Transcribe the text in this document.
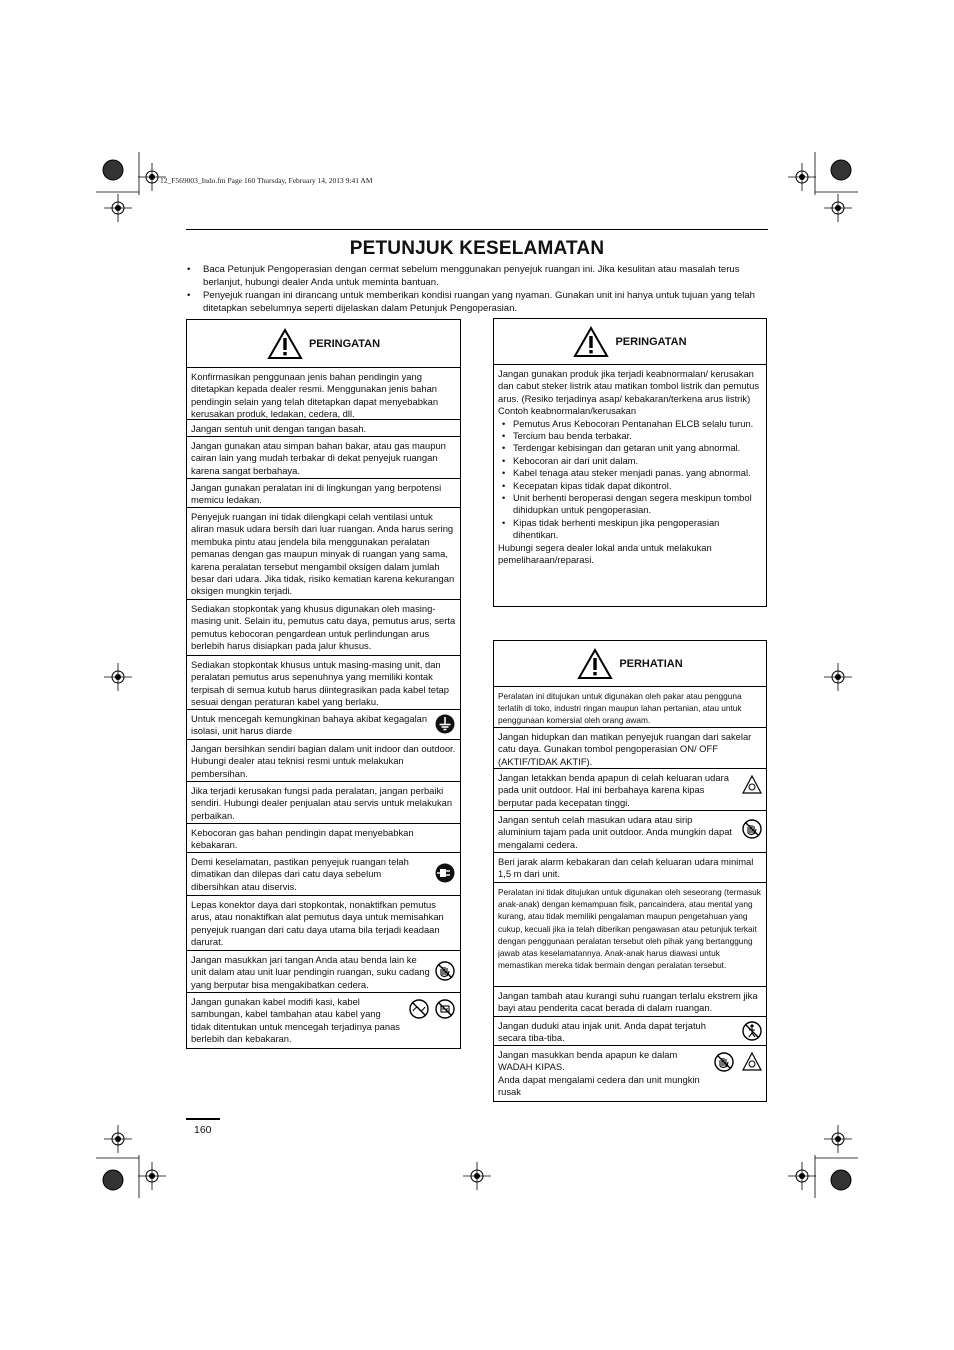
12_F569003_Indo.fm Page 160 Thursday, February 14, 2013 9:41 AM
PETUNJUK KESELAMATAN
• Baca Petunjuk Pengoperasian dengan cermat sebelum menggunakan penyejuk ruangan ini. Jika kesulitan atau masalah terus berlanjut, hubungi dealer Anda untuk meminta bantuan.
• Penyejuk ruangan ini dirancang untuk memberikan kondisi ruangan yang nyaman. Gunakan unit ini hanya untuk tujuan yang telah ditetapkan sebelumnya seperti dijelaskan dalam Petunjuk Pengoperasian.
PERINGATAN
Konfirmasikan penggunaan jenis bahan pendingin yang ditetapkan kepada dealer resmi. Menggunakan jenis bahan pendingin selain yang telah ditetapkan dapat menyebabkan kerusakan produk, ledakan, cedera, dll.
Jangan sentuh unit dengan tangan basah.
Jangan gunakan atau simpan bahan bakar, atau gas maupun cairan lain yang mudah terbakar di dekat penyejuk ruangan karena sangat berbahaya.
Jangan gunakan peralatan ini di lingkungan yang berpotensi memicu ledakan.
Penyejuk ruangan ini tidak dilengkapi celah ventilasi untuk aliran masuk udara bersih dari luar ruangan. Anda harus sering membuka pintu atau jendela bila menggunakan peralatan pemanas dengan gas maupun minyak di ruangan yang sama, karena peralatan tersebut mengambil oksigen dalam jumlah besar dari udara. Jika tidak, risiko kematian karena kekurangan oksigen mungkin terjadi.
Sediakan stopkontak yang khusus digunakan oleh masing-masing unit. Selain itu, pemutus catu daya, pemutus arus, serta pemutus kebocoran pengardean untuk perlindungan arus berlebih harus disiapkan pada jalur khusus.
Sediakan stopkontak khusus untuk masing-masing unit, dan peralatan pemutus arus sepenuhnya yang memiliki kontak terpisah di semua kutub harus diintegrasikan pada kabel tetap sesuai dengan peraturan kabel yang berlaku.
Untuk mencegah kemungkinan bahaya akibat kegagalan isolasi, unit harus diarde
Jangan bersihkan sendiri bagian dalam unit indoor dan outdoor. Hubungi dealer atau teknisi resmi untuk melakukan pembersihan.
Jika terjadi kerusakan fungsi pada peralatan, jangan perbaiki sendiri. Hubungi dealer penjualan atau servis untuk melakukan perbaikan.
Kebocoran gas bahan pendingin dapat menyebabkan kebakaran.
Demi keselamatan, pastikan penyejuk ruangan telah dimatikan dan dilepas dari catu daya sebelum dibersihkan atau diservis.
Lepas konektor daya dari stopkontak, nonaktifkan pemutus arus, atau nonaktifkan alat pemutus daya untuk memisahkan penyejuk ruangan dari catu daya utama bila terjadi keadaan darurat.
Jangan masukkan jari tangan Anda atau benda lain ke unit dalam atau unit luar pendingin ruangan, suku cadang yang berputar bisa mengakibatkan cedera.
Jangan gunakan kabel modifi kasi, kabel sambungan, kabel tambahan atau kabel yang tidak ditentukan untuk mencegah terjadinya panas berlebih dan kebakaran.
PERINGATAN
Jangan gunakan produk jika terjadi keabnormalan/ kerusakan dan cabut steker listrik atau matikan tombol listrik dan pemutus arus. (Resiko terjadinya asap/ kebakaran/terkena arus listrik)
Contoh keabnormalan/kerusakan
• Pemutus Arus Kebocoran Pentanahan ELCB selalu turun.
• Tercium bau benda terbakar.
• Terdengar kebisingan dan getaran unit yang abnormal.
• Kebocoran air dari unit dalam.
• Kabel tenaga atau steker menjadi panas. yang abnormal.
• Kecepatan kipas tidak dapat dikontrol.
• Unit berhenti beroperasi dengan segera meskipun tombol dihidupkan untuk pengoperasian.
• Kipas tidak berhenti meskipun jika pengoperasian dihentikan.
Hubungi segera dealer lokal anda untuk melakukan pemeliharaan/reparasi.
PERHATIAN
Peralatan ini ditujukan untuk digunakan oleh pakar atau pengguna terlatih di toko, industri ringan maupun lahan pertanian, atau untuk penggunaan komersial oleh orang awam.
Jangan hidupkan dan matikan penyejuk ruangan dari sakelar catu daya. Gunakan tombol pengoperasian ON/ OFF (AKTIF/TIDAK AKTIF).
Jangan letakkan benda apapun di celah keluaran udara pada unit outdoor. Hal ini berbahaya karena kipas berputar pada kecepatan tinggi.
Jangan sentuh celah masukan udara atau sirip aluminium tajam pada unit outdoor. Anda mungkin dapat mengalami cedera.
Beri jarak alarm kebakaran dan celah keluaran udara minimal 1,5 m dari unit.
Peralatan ini tidak ditujukan untuk digunakan oleh seseorang (termasuk anak-anak) dengan kemampuan fisik, pancaindera, atau mental yang kurang, atau tidak memiliki pengalaman maupun pengetahuan yang cukup, kecuali jika ia telah diberikan pengawasan atau petunjuk terkait dengan penggunaan peralatan tersebut oleh pihak yang bertanggung jawab atas keselamatannya. Anak-anak harus diawasi untuk memastikan mereka tidak bermain dengan peralatan tersebut.
Jangan tambah atau kurangi suhu ruangan terlalu ekstrem jika bayi atau penderita cacat berada di dalam ruangan.
Jangan duduki atau injak unit. Anda dapat terjatuh secara tiba-tiba.
Jangan masukkan benda apapun ke dalam WADAH KIPAS.
Anda dapat mengalami cedera dan unit mungkin rusak
160
